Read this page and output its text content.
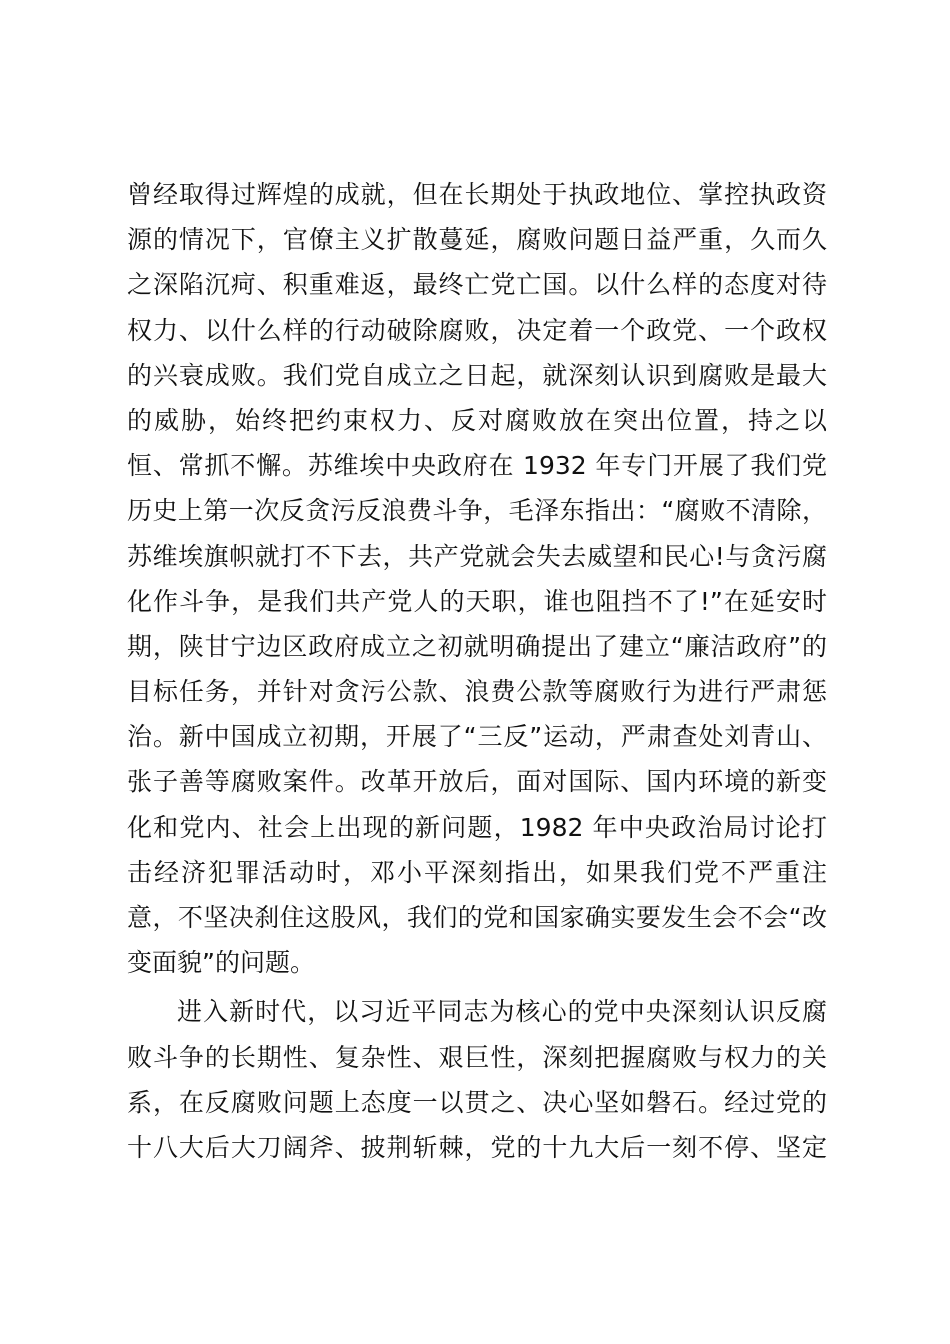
曾经取得过辉煌的成就，但在长期处于执政地位、掌控执政资
源的情况下，官僚主义扩散蔓延，腐败问题日益严重，久而久
之深陷沉疴、积重难返，最终亡党亡国。以什么样的态度对待
权力、以什么样的行动破除腐败，决定着一个政党、一个政权
的兴衰成败。我们党自成立之日起，就深刻认识到腐败是最大
的威胁，始终把约束权力、反对腐败放在突出位置，持之以
恒、常抓不懈。苏维埃中央政府在 1932 年专门开展了我们党
历史上第一次反贪污反浪费斗争，毛泽东指出：“腐败不清除，
苏维埃旗帜就打不下去，共产党就会失去威望和民心!与贪污腐
化作斗争，是我们共产党人的天职，谁也阻挡不了!”在延安时
期，陕甘宁边区政府成立之初就明确提出了建立“廉洁政府”的
目标任务，并针对贪污公款、浪费公款等腐败行为进行严肃惩
治。新中国成立初期，开展了“三反”运动，严肃查处刘青山、
张子善等腐败案件。改革开放后，面对国际、国内环境的新变
化和党内、社会上出现的新问题，1982 年中央政治局讨论打
击经济犯罪活动时，邓小平深刻指出，如果我们党不严重注
意，不坚决刹住这股风，我们的党和国家确实要发生会不会“改
变面貌”的问题。
进入新时代，以习近平同志为核心的党中央深刻认识反腐
败斗争的长期性、复杂性、艰巨性，深刻把握腐败与权力的关
系，在反腐败问题上态度一以贯之、决心坚如磐石。经过党的
十八大后大刀阔斧、披荆斩棘，党的十九大后一刻不停、坚定
